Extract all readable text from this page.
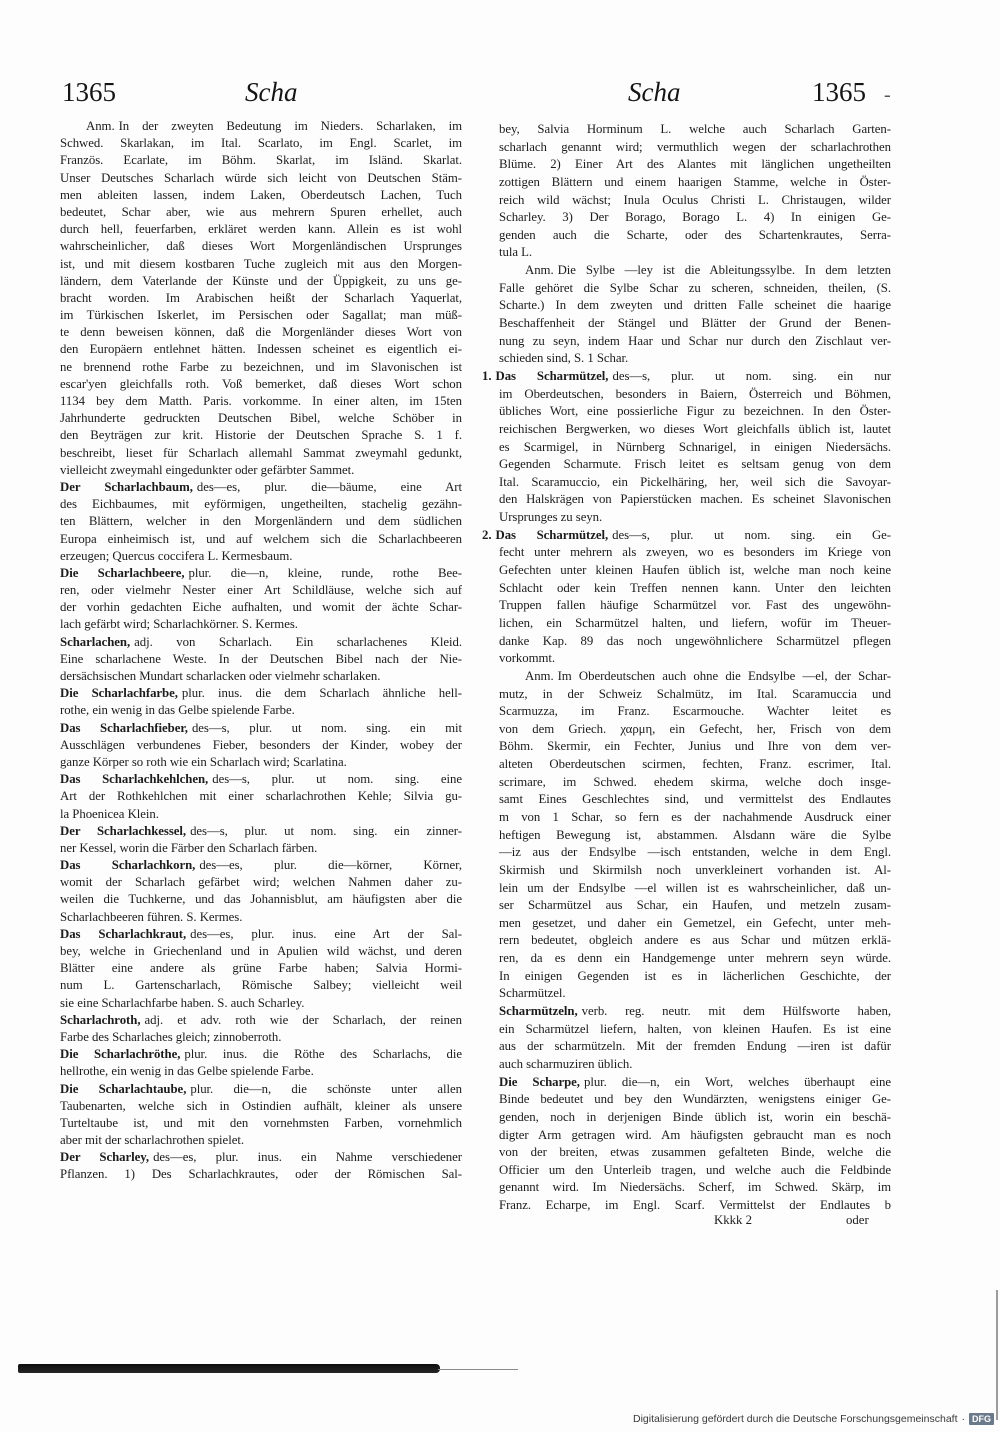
1365	Scha	Scha	1365 -
Anm. In der zweyten Bedeutung im Nieders. Scharlaken, im
Schwed. Skarlakan, im Ital. Scarlato, im Engl. Scarlet, im
Französ. Ecarlate, im Böhm. Skarlat, im Isländ. Skarlat.
Unser Deutsches Scharlach würde sich leicht von Deutschen Stäm-
men ableiten lassen, indem Laken, Oberdeutsch Lachen, Tuch
bedeutet, Schar aber, wie aus mehrern Spuren erhellet, auch
durch hell, feuerfarben, erkläret werden kann. Allein es ist wohl
wahrscheinlicher, daß dieses Wort Morgenländischen Ursprunges
ist, und mit diesem kostbaren Tuche zugleich mit aus den Morgen-
ländern, dem Vaterlande der Künste und der Üppigkeit, zu uns ge-
bracht worden. Im Arabischen heißt der Scharlach Yaquerlat,
im Türkischen Iskerlet, im Persischen oder Sagallat; man müß-
te denn beweisen können, daß die Morgenländer dieses Wort von
den Europäern entlehnet hätten. Indessen scheinet es eigentlich ei-
ne brennend rothe Farbe zu bezeichnen, und im Slavonischen ist
escar'yen gleichfalls roth. Voß bemerket, daß dieses Wort schon
1134 bey dem Matth. Paris. vorkomme. In einer alten, im 15ten
Jahrhunderte gedruckten Deutschen Bibel, welche Schöber in
den Beyträgen zur krit. Historie der Deutschen Sprache S. 1 f.
beschreibt, lieset für Scharlach allemahl Sammat zweymahl gedunkt,
vielleicht zweymahl eingedunkter oder gefärbter Sammet.
Der Scharlachbaum, des—es, plur. die—bäume, eine Art
des Eichbaumes, mit eyförmigen, ungetheilten, stachelig gezähn-
ten Blättern, welcher in den Morgenländern und dem südlichen
Europa einheimisch ist, und auf welchem sich die Scharlachbeeren
erzeugen; Quercus coccifera L. Kermesbaum.
Die Scharlachbeere, plur. die—n, kleine, runde, rothe Bee-
ren, oder vielmehr Nester einer Art Schildläuse, welche sich auf
der vorhin gedachten Eiche aufhalten, und womit der ächte Schar-
lach gefärbt wird; Scharlachkörner. S. Kermes.
Scharlachen, adj. von Scharlach. Ein scharlachenes Kleid.
Eine scharlachene Weste. In der Deutschen Bibel nach der Nie-
dersächsischen Mundart scharlacken oder vielmehr scharlaken.
Die Scharlachfarbe, plur. inus. die dem Scharlach ähnliche hell-
rothe, ein wenig in das Gelbe spielende Farbe.
Das Scharlachfieber, des—s, plur. ut nom. sing. ein mit
Ausschlägen verbundenes Fieber, besonders der Kinder, wobey der
ganze Körper so roth wie ein Scharlach wird; Scarlatina.
Das Scharlachkehlchen, des—s, plur. ut nom. sing. eine
Art der Rothkehlchen mit einer scharlachrothen Kehle; Silvia gu-
la Phoenicea Klein.
Der Scharlachkessel, des—s, plur. ut nom. sing. ein zinner-
ner Kessel, worin die Färber den Scharlach färben.
Das Scharlachkorn, des—es, plur. die—körner, Körner,
womit der Scharlach gefärbet wird; welchen Nahmen daher zu-
weilen die Tuchkerne, und das Johannisblut, am häufigsten aber die
Scharlachbeeren führen. S. Kermes.
Das Scharlachkraut, des—es, plur. inus. eine Art der Sal-
bey, welche in Griechenland und in Apulien wild wächst, und deren
Blätter eine andere als grüne Farbe haben; Salvia Hormi-
num L. Gartenscharlach, Römische Salbey; vielleicht weil
sie eine Scharlachfarbe haben. S. auch Scharley.
Scharlachroth, adj. et adv. roth wie der Scharlach, der reinen
Farbe des Scharlaches gleich; zinnoberroth.
Die Scharlachröthe, plur. inus. die Röthe des Scharlachs, die
hellrothe, ein wenig in das Gelbe spielende Farbe.
Die Scharlachtaube, plur. die—n, die schönste unter allen
Taubenarten, welche sich in Ostindien aufhält, kleiner als unsere
Turteltaube ist, und mit den vornehmsten Farben, vornehmlich
aber mit der scharlachrothen spielet.
Der Scharley, des—es, plur. inus. ein Nahme verschiedener
Pflanzen. 1) Des Scharlachkrautes, oder der Römischen Sal-
bey, Salvia Horminum L. welche auch Scharlach Garten-
scharlach genannt wird; vermuthlich wegen der scharlachrothen
Blüme. 2) Einer Art des Alantes mit länglichen ungetheilten
zottigen Blättern und einem haarigen Stamme, welche in Öster-
reich wild wächst; Inula Oculus Christi L. Christaugen, wilder
Scharley. 3) Der Borago, Borago L. 4) In einigen Ge-
genden auch die Scharte, oder des Schartenkrautes, Serra-
tula L.
Anm. Die Sylbe —ley ist die Ableitungssylbe. In dem letzten
Falle gehöret die Sylbe Schar zu scheren, schneiden, theilen, (S.
Scharte.) In dem zweyten und dritten Falle scheinet die haarige
Beschaffenheit der Stängel und Blätter der Grund der Benen-
nung zu seyn, indem Haar und Schar nur durch den Zischlaut ver-
schieden sind, S. 1 Schar.
1. Das Scharmützel, des—s, plur. ut nom. sing. ein nur
im Oberdeutschen, besonders in Baiern, Österreich und Böhmen,
übliches Wort, eine possierliche Figur zu bezeichnen. In den Öster-
reichischen Bergwerken, wo dieses Wort gleichfalls üblich ist, lautet
es Scarmigel, in Nürnberg Schnarigel, in einigen Niedersächs.
Gegenden Scharmute. Frisch leitet es seltsam genug von dem
Ital. Scaramuccio, ein Pickelhäring, her, weil sich die Savoyar-
den Halskrägen von Papierstücken machen. Es scheinet Slavonischen
Ursprunges zu seyn.
2. Das Scharmützel, des—s, plur. ut nom. sing. ein Ge-
fecht unter mehrern als zweyen, wo es besonders im Kriege von
Gefechten unter kleinen Haufen üblich ist, welche man noch keine
Schlacht oder kein Treffen nennen kann. Unter den leichten
Truppen fallen häufige Scharmützel vor. Fast des ungewöhn-
lichen, ein Scharmützel halten, und liefern, wofür im Theuer-
danke Kap. 89 das noch ungewöhnlichere Scharmützel pflegen
vorkommt.
Anm. Im Oberdeutschen auch ohne die Endsylbe —el, der Schar-
mutz, in der Schweiz Schalmütz, im Ital. Scaramuccia und
Scarmuzza, im Franz. Escarmouche. Wachter leitet es
von dem Griech. χαρμη, ein Gefecht, her, Frisch von dem
Böhm. Skermir, ein Fechter, Junius und Ihre von dem ver-
alteten Oberdeutschen scirmen, fechten, Franz. escrimer, Ital.
scrimare, im Schwed. ehedem skirma, welche doch insge-
samt Eines Geschlechtes sind, und vermittelst des Endlautes
m von 1 Schar, so fern es der nachahmende Ausdruck einer
heftigen Bewegung ist, abstammen. Alsdann wäre die Sylbe
—iz aus der Endsylbe —isch entstanden, welche in dem Engl.
Skirmish und Skirmilsh noch unverkleinert vorhanden ist. Al-
lein um der Endsylbe —el willen ist es wahrscheinlicher, daß un-
ser Scharmützel aus Schar, ein Haufen, und metzeln zusam-
men gesetzet, und daher ein Gemetzel, ein Gefecht, unter meh-
rern bedeutet, obgleich andere es aus Schar und mützen erklä-
ren, da es denn ein Handgemenge unter mehrern seyn würde.
In einigen Gegenden ist es in lächerlichen Geschichte, der
Scharmützel.
Scharmützeln, verb. reg. neutr. mit dem Hülfsworte haben,
ein Scharmützel liefern, halten, von kleinen Haufen. Es ist eine
aus der scharmützeln. Mit der fremden Endung —iren ist dafür
auch scharmuziren üblich.
Die Scharpe, plur. die—n, ein Wort, welches überhaupt eine
Binde bedeutet und bey den Wundärzten, wenigstens einiger Ge-
genden, noch in derjenigen Binde üblich ist, worin ein beschä-
digter Arm getragen wird. Am häufigsten gebraucht man es noch
von der breiten, etwas zusammen gefalteten Binde, welche die
Officier um den Unterleib tragen, und welche auch die Feldbinde
genannt wird. Im Niedersächs. Scherf, im Schwed. Skärp, im
Franz. Echarpe, im Engl. Scarf. Vermittelst der Endlautes b
Kkkk 2	oder
Digitalisierung gefördert durch die Deutsche Forschungsgemeinschaft · DFG
